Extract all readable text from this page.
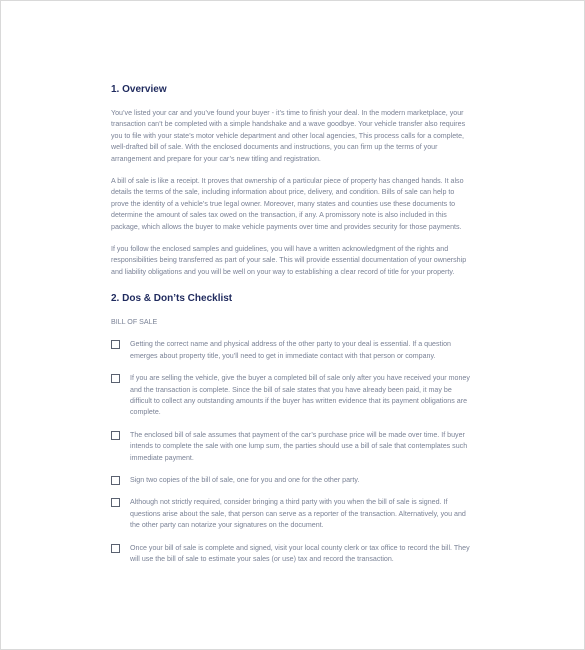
1. Overview

You’ve listed your car and you’ve found your buyer - it’s time to finish your deal. In the modern marketplace, your transaction can’t be completed with a simple handshake and a wave goodbye. Your vehicle transfer also requires you to file with your state’s motor vehicle department and other local agencies, This process calls for a complete, well-drafted bill of sale. With the enclosed documents and instructions, you can firm up the terms of your arrangement and prepare for your car’s new titling and registration.

A bill of sale is like a receipt. It proves that ownership of a particular piece of property has changed hands. It also details the terms of the sale, including information about price, delivery, and condition. Bills of sale can help to prove the identity of a vehicle’s true legal owner. Moreover, many states and counties use these documents to determine the amount of sales tax owed on the transaction, if any. A promissory note is also included in this package, which allows the buyer to make vehicle payments over time and provides security for those payments.

If you follow the enclosed samples and guidelines, you will have a written acknowledgment of the rights and responsibilities being transferred as part of your sale. This will provide essential documentation of your ownership and liability obligations and you will be well on your way to establishing a clear record of title for your property.

2. Dos & Don’ts Checklist
BILL OF SALE
Getting the correct name and physical address of the other party to your deal is essential. If a question emerges about property title, you’ll need to get in immediate contact with that person or company.
If you are selling the vehicle, give the buyer a completed bill of sale only after you have received your money and the transaction is complete. Since the bill of sale states that you have already been paid, it may be difficult to collect any outstanding amounts if the buyer has written evidence that its payment obligations are complete.
The enclosed bill of sale assumes that payment of the car’s purchase price will be made over time. If buyer intends to complete the sale with one lump sum, the parties should use a bill of sale that contemplates such immediate payment.
Sign two copies of the bill of sale, one for you and one for the other party.
Although not strictly required, consider bringing a third party with you when the bill of sale is signed. If questions arise about the sale, that person can serve as a reporter of the transaction. Alternatively, you and the other party can notarize your signatures on the document.
Once your bill of sale is complete and signed, visit your local county clerk or tax office to record the bill. They will use the bill of sale to estimate your sales (or use) tax and record the transaction.
